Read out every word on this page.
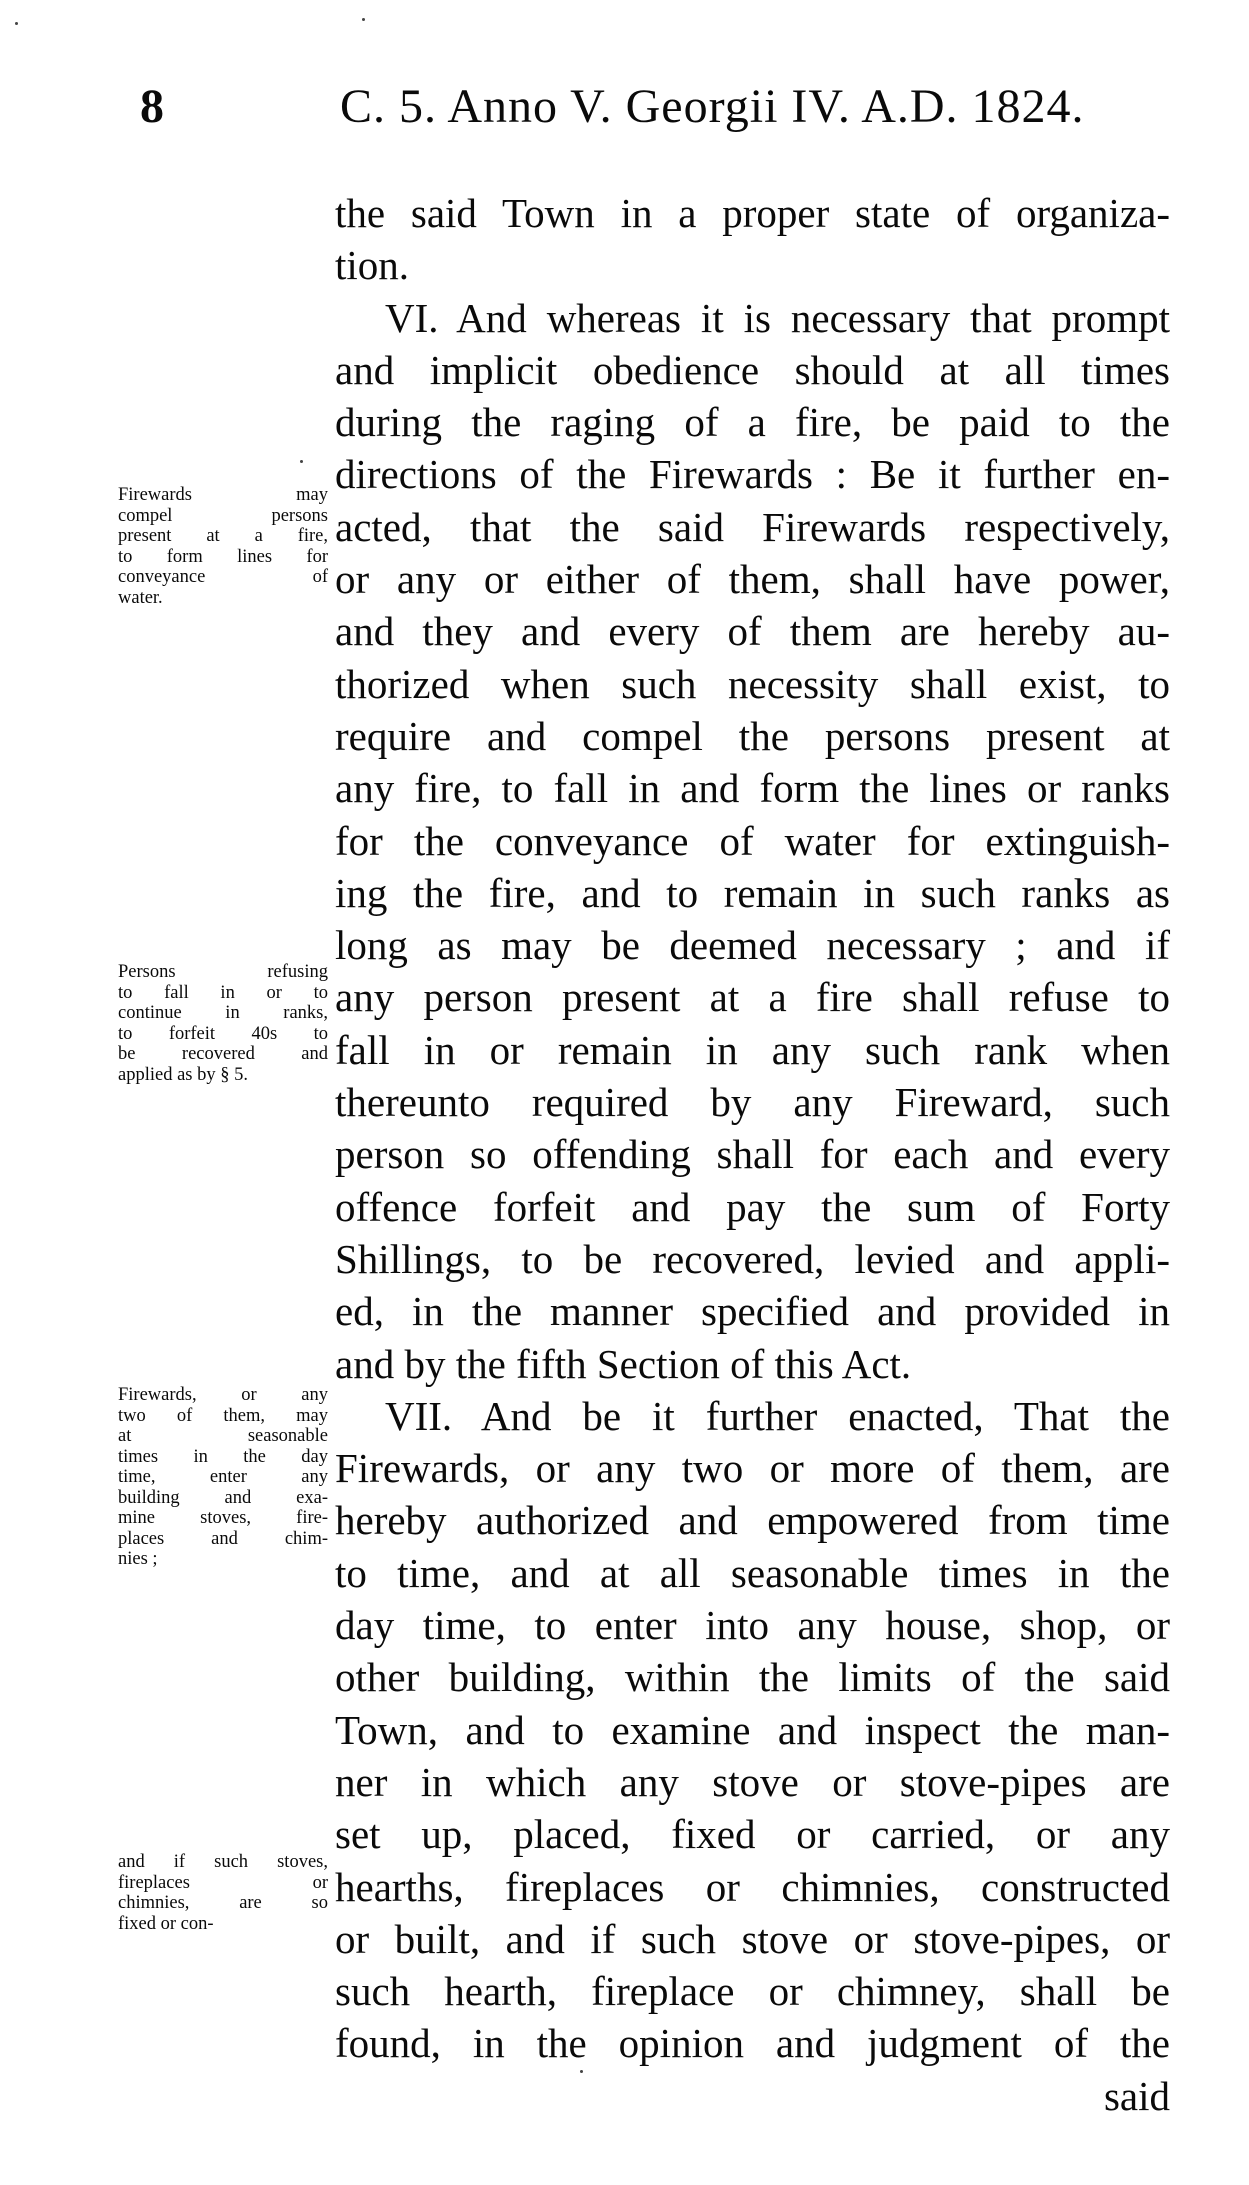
8	C. 5. Anno V. Georgii IV. A.D. 1824.
the said Town in a proper state of organiza-
tion.
VI. And whereas it is necessary that prompt
and implicit obedience should at all times
during the raging of a fire, be paid to the
directions of the Firewards : Be it further en-
acted, that the said Firewards respectively,
or any or either of them, shall have power,
and they and every of them are hereby au-
thorized when such necessity shall exist, to
require and compel the persons present at
any fire, to fall in and form the lines or ranks
for the conveyance of water for extinguish-
ing the fire, and to remain in such ranks as
long as may be deemed necessary ; and if
any person present at a fire shall refuse to
fall in or remain in any such rank when
thereunto required by any Fireward, such
person so offending shall for each and every
offence forfeit and pay the sum of Forty
Shillings, to be recovered, levied and appli-
ed, in the manner specified and provided in
and by the fifth Section of this Act.
VII. And be it further enacted, That the
Firewards, or any two or more of them, are
hereby authorized and empowered from time
to time, and at all seasonable times in the
day time, to enter into any house, shop, or
other building, within the limits of the said
Town, and to examine and inspect the man-
ner in which any stove or stove-pipes are
set up, placed, fixed or carried, or any
hearths, fireplaces or chimnies, constructed
or built, and if such stove or stove-pipes, or
such hearth, fireplace or chimney, shall be
found, in the opinion and judgment of the
said
Firewards may
compel persons
present at a fire,
to form lines for
conveyance of
water.
Persons refusing
to fall in or to
continue in ranks,
to forfeit 40s to
be recovered and
applied as by § 5.
Firewards, or any
two of them, may
at seasonable
times in the day
time, enter any
building and exa-
mine stoves, fire-
places and chim-
nies ;
and if such stoves,
fireplaces or
chimnies, are so
fixed or con-
